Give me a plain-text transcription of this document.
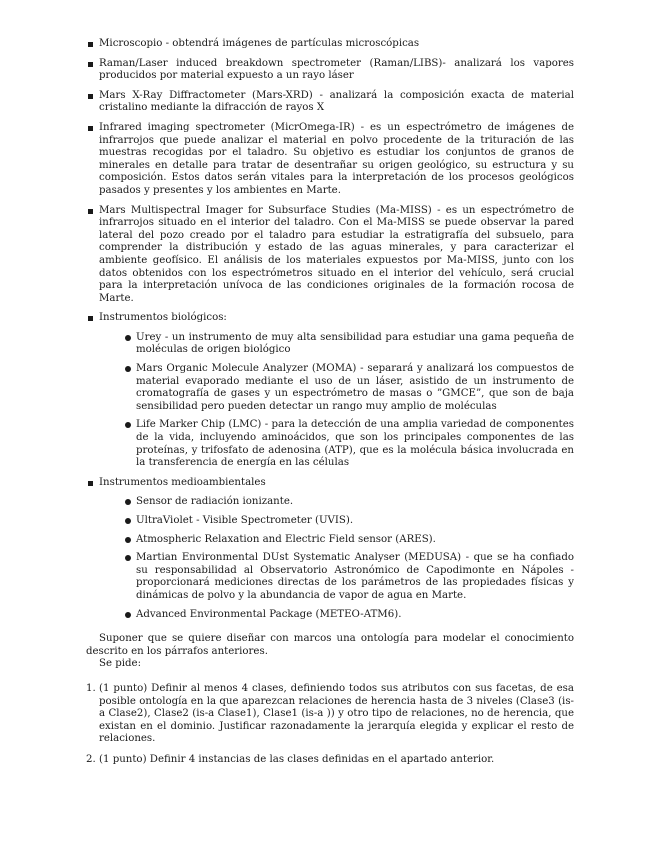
Microscopio - obtendrá imágenes de partículas microscópicas
Raman/Laser induced breakdown spectrometer (Raman/LIBS)- analizará los vapores producidos por material expuesto a un rayo láser
Mars X-Ray Diffractometer (Mars-XRD) - analizará la composición exacta de material cristalino mediante la difracción de rayos X
Infrared imaging spectrometer (MicrOmega-IR) - es un espectrómetro de imágenes de infrarrojos que puede analizar el material en polvo procedente de la trituración de las muestras recogidas por el taladro. Su objetivo es estudiar los conjuntos de granos de minerales en detalle para tratar de desentrañar su origen geológico, su estructura y su composición. Estos datos serán vitales para la interpretación de los procesos geológicos pasados y presentes y los ambientes en Marte.
Mars Multispectral Imager for Subsurface Studies (Ma-MISS) - es un espectrómetro de infrarrojos situado en el interior del taladro. Con el Ma-MISS se puede observar la pared lateral del pozo creado por el taladro para estudiar la estratigrafía del subsuelo, para comprender la distribución y estado de las aguas minerales, y para caracterizar el ambiente geofísico. El análisis de los materiales expuestos por Ma-MISS, junto con los datos obtenidos con los espectrómetros situado en el interior del vehículo, será crucial para la interpretación unívoca de las condiciones originales de la formación rocosa de Marte.
Instrumentos biológicos:
Urey - un instrumento de muy alta sensibilidad para estudiar una gama pequeña de moléculas de origen biológico
Mars Organic Molecule Analyzer (MOMA) - separará y analizará los compuestos de material evaporado mediante el uso de un láser, asistido de un instrumento de cromatografía de gases y un espectrómetro de masas o ”GMCE”, que son de baja sensibilidad pero pueden detectar un rango muy amplio de moléculas
Life Marker Chip (LMC) - para la detección de una amplia variedad de componentes de la vida, incluyendo aminoácidos, que son los principales componentes de las proteínas, y trifosfato de adenosina (ATP), que es la molécula básica involucrada en la transferencia de energía en las células
Instrumentos medioambientales
Sensor de radiación ionizante.
UltraViolet - Visible Spectrometer (UVIS).
Atmospheric Relaxation and Electric Field sensor (ARES).
Martian Environmental DUst Systematic Analyser (MEDUSA) - que se ha confiado su responsabilidad al Observatorio Astronómico de Capodimonte en Nápoles - proporcionará mediciones directas de los parámetros de las propiedades físicas y dinámicas de polvo y la abundancia de vapor de agua en Marte.
Advanced Environmental Package (METEO-ATM6).

Suponer que se quiere diseñar con marcos una ontología para modelar el conocimiento descrito en los párrafos anteriores.

Se pide:

1. (1 punto) Definir al menos 4 clases, definiendo todos sus atributos con sus facetas, de esa posible ontología en la que aparezcan relaciones de herencia hasta de 3 niveles (Clase3 (is-a Clase2), Clase2 (is-a Clase1), Clase1 (is-a )) y otro tipo de relaciones, no de herencia, que existan en el dominio. Justificar razonadamente la jerarquía elegida y explicar el resto de relaciones.
2. (1 punto) Definir 4 instancias de las clases definidas en el apartado anterior.
